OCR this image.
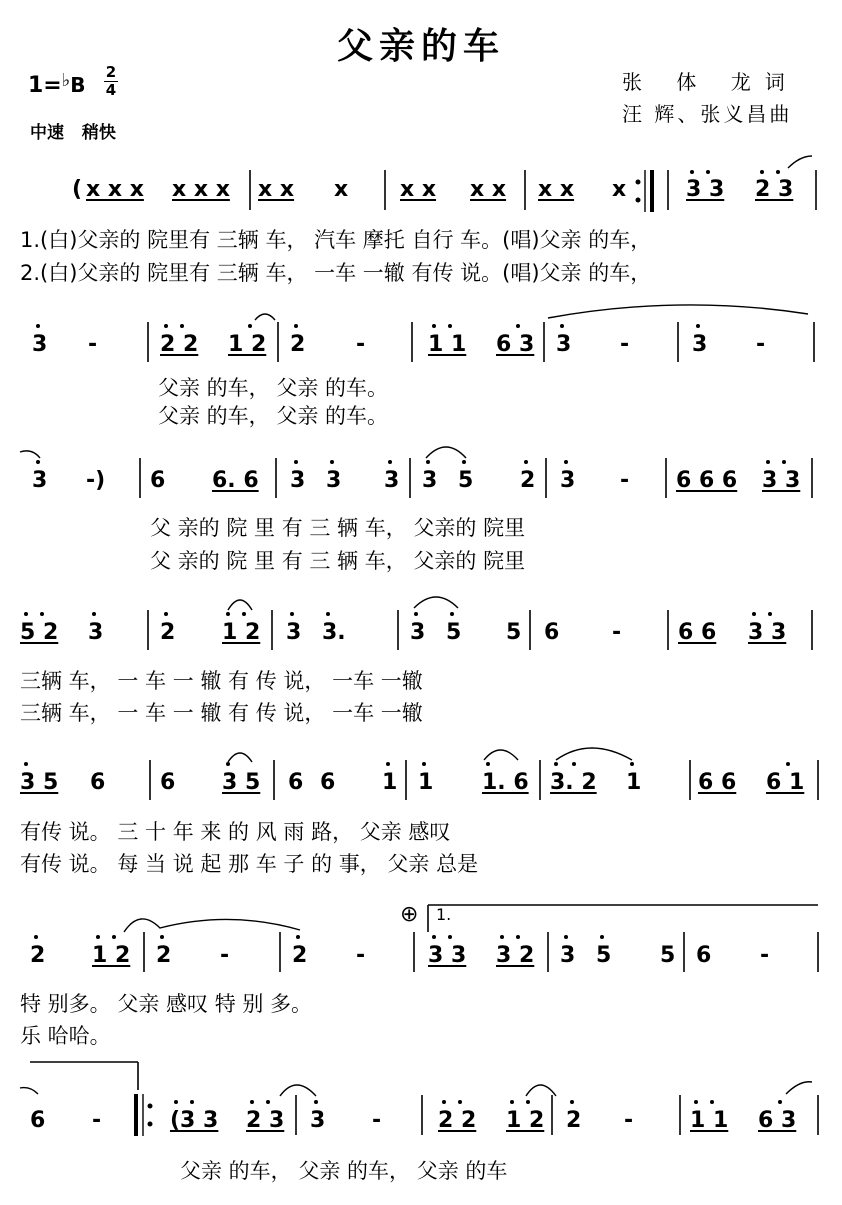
父亲的车
1=♭B
2
4
中速 稍快
张 体 龙词
汪 辉、张义昌曲
( x x x x x x x x x x x x x x x x	3 3 2 3
1.(白)父亲的 院里有 三辆 车， 汽车 摩托 自行 车。(唱)父亲 的车，
2.(白)父亲的 院里有 三辆 车， 一车 一辙 有传 说。(唱)父亲 的车，
3 -	2 2 1 2 2 -	1 1 6 3 3 -	3 -
父亲 的车， 父亲 的车。
父亲 的车， 父亲 的车。
3 -) 6 6. 6 3 3 3 3 5 2 3 - 6 6 6 3 3
父 亲的 院 里 有 三 辆 车， 父亲的 院里
父 亲的 院 里 有 三 辆 车， 父亲的 院里
5 2 3	2 1 2 3 3.	3 5 5 6 -	6 6 3 3
三辆 车， 一 车 一 辙 有 传 说， 一车 一辙
三辆 车， 一 车 一 辙 有 传 说， 一车 一辙
3 5 6 6 3 5 6 6 1 1 1. 6 3. 2 1	6 6 6 1
有传 说。 三 十 年 来 的 风 雨 路， 父亲 感叹
有传 说。 每 当 说 起 那 车 子 的 事， 父亲 总是
⊕ 1.
2 1 2 2 -	2 -	3 3 3 2 3 5 5 6 -
特 别多。 父亲 感叹 特 别 多。
乐 哈哈。
6 -	(3 3 2 3 3 -	2 2 1 2 2 -	1 1 6 3
父亲 的车， 父亲 的车， 父亲 的车
